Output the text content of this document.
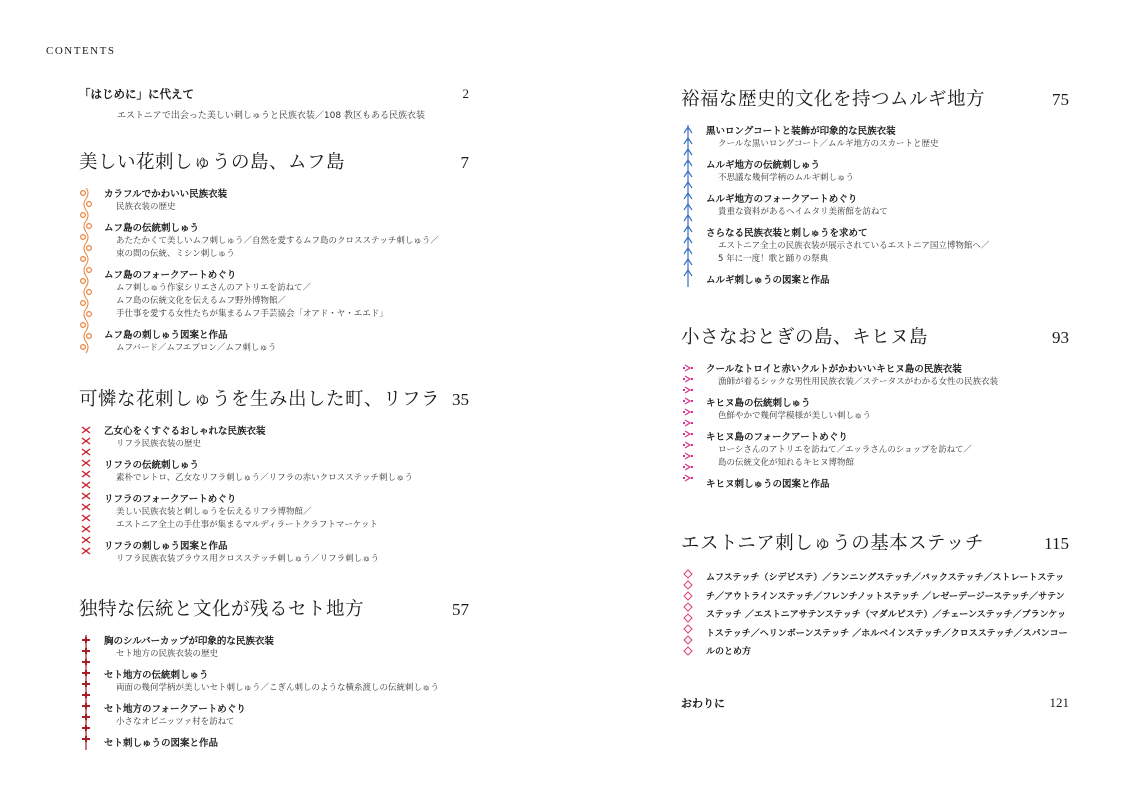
CONTENTS
「はじめに」に代えて	2
エストニアで出会った美しい刺しゅうと民族衣装／108 教区もある民族衣装
美しい花刺しゅうの島、ムフ島	7
カラフルでかわいい民族衣装
民族衣装の歴史
ムフ島の伝統刺しゅう
あたたかくて美しいムフ刺しゅう／自然を愛するムフ島のクロスステッチ刺しゅう／
束の間の伝統、ミシン刺しゅう
ムフ島のフォークアートめぐり
ムフ刺しゅう作家シリエさんのアトリエを訪ねて／
ムフ島の伝統文化を伝えるムフ野外博物館／
手仕事を愛する女性たちが集まるムフ手芸協会「オアド・ヤ・エエド」
ムフ島の刺しゅう図案と作品
ムフバード／ムフエプロン／ムフ刺しゅう
可憐な花刺しゅうを生み出した町、リフラ 35
乙女心をくすぐるおしゃれな民族衣装
リフラ民族衣装の歴史
リフラの伝統刺しゅう
素朴でレトロ、乙女なリフラ刺しゅう／リフラの赤いクロスステッチ刺しゅう
リフラのフォークアートめぐり
美しい民族衣装と刺しゅうを伝えるリフラ博物館／
エストニア全土の手仕事が集まるマルディラートクラフトマーケット
リフラの刺しゅう図案と作品
リフラ民族衣装ブラウス用クロスステッチ刺しゅう／リフラ刺しゅう
独特な伝統と文化が残るセト地方	57
胸のシルバーカップが印象的な民族衣装
セト地方の民族衣装の歴史
セト地方の伝統刺しゅう
両面の幾何学柄が美しいセト刺しゅう／こぎん刺しのような横糸渡しの伝統刺しゅう
セト地方のフォークアートめぐり
小さなオビニッツァ村を訪ねて
セト刺しゅうの図案と作品
裕福な歴史的文化を持つムルギ地方	75
黒いロングコートと装飾が印象的な民族衣装
クールな黒いロングコート／ムルギ地方のスカートと歴史
ムルギ地方の伝統刺しゅう
不思議な幾何学柄のムルギ刺しゅう
ムルギ地方のフォークアートめぐり
貴重な資料があるヘイムタリ美術館を訪ねて
さらなる民族衣装と刺しゅうを求めて
エストニア全土の民族衣装が展示されているエストニア国立博物館へ／
5 年に一度！歌と踊りの祭典
ムルギ刺しゅうの図案と作品
小さなおとぎの島、キヒヌ島	93
クールなトロイと赤いクルトがかわいいキヒヌ島の民族衣装
漁師が着るシックな男性用民族衣装／ステータスがわかる女性の民族衣装
キヒヌ島の伝統刺しゅう
色鮮やかで幾何学模様が美しい刺しゅう
キヒヌ島のフォークアートめぐり
ローシさんのアトリエを訪ねて／エッラさんのショップを訪ねて／
島の伝統文化が知れるキヒヌ博物館
キヒヌ刺しゅうの図案と作品
エストニア刺しゅうの基本ステッチ	115
ムフステッチ（シデピステ）／ランニングステッチ／バックステッチ／ストレートステッチ／アウトラインステッチ／フレンチノットステッチ ／レゼーデージーステッチ／サテンステッチ ／エストニアサテンステッチ（マダルピステ）／チェーンステッチ／ブランケットステッチ／ヘリンボーンステッチ ／ホルベインステッチ／クロスステッチ／スパンコールのとめ方
おわりに	121
